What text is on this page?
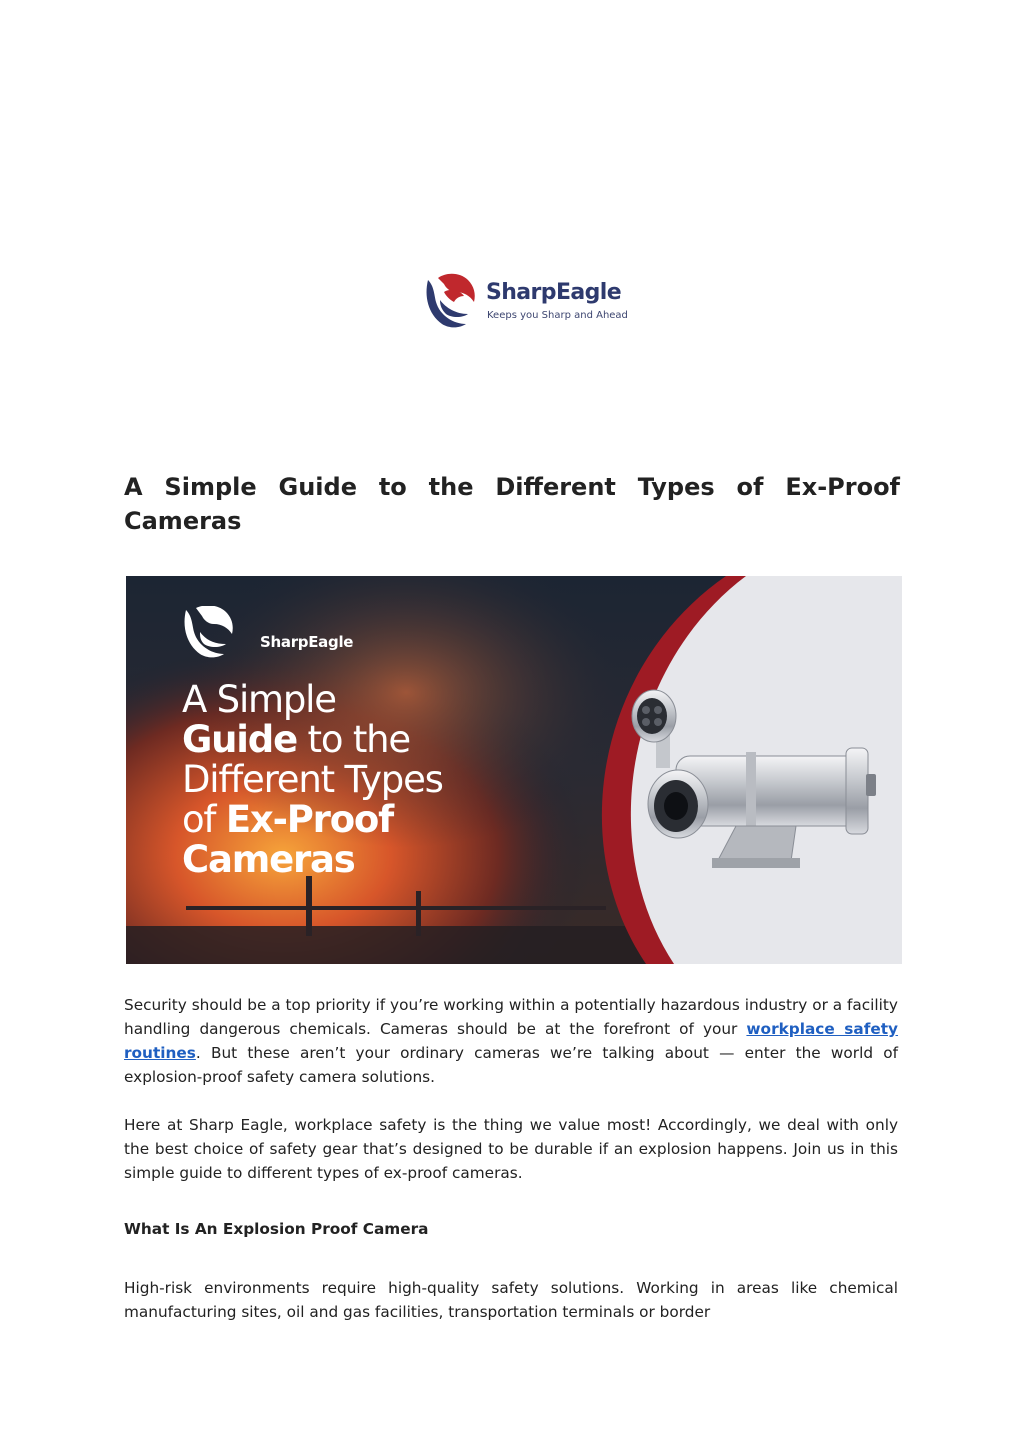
SharpEagle
Keeps you Sharp and Ahead
A Simple Guide to the Different Types of Ex-Proof
Cameras
SharpEagle
A Simple
Guide to the
Different Types
of Ex-Proof
Cameras

Security should be a top priority if you’re working within a potentially hazardous industry or a facility handling dangerous chemicals. Cameras should be at the forefront of your workplace safety routines. But these aren’t your ordinary cameras we’re talking about — enter the world of explosion-proof safety camera solutions.

Here at Sharp Eagle, workplace safety is the thing we value most! Accordingly, we deal with only the best choice of safety gear that’s designed to be durable if an explosion happens. Join us in this simple guide to different types of ex-proof cameras.

What Is An Explosion Proof Camera

High-risk environments require high-quality safety solutions. Working in areas like chemical manufacturing sites, oil and gas facilities, transportation terminals or border
